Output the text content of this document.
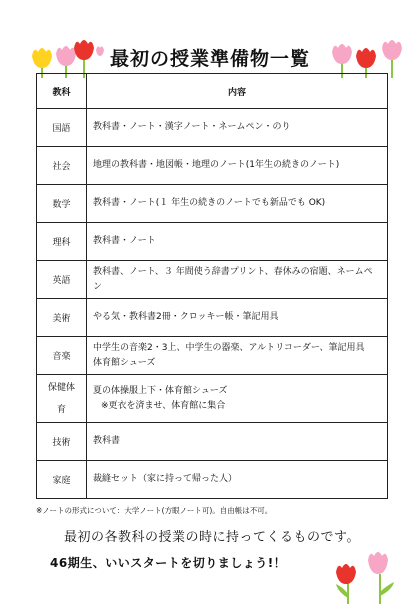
最初の授業準備物一覧
教科	内容
国語	教科書・ノート・漢字ノート・ネームペン・のり

社会	地理の教科書・地図帳・地理のノート(1年生の続きのノート)

数学	教科書・ノート(１ 年生の続きのノートでも新品でも OK)

理科	教科書・ノート

英語	教科書、ノート、３ 年間使う辞書プリント、春休みの宿題、ネームペン

美術	やる気・教科書2冊・クロッキー帳・筆記用具

音楽	中学生の音楽2・3上、中学生の器楽、アルトリコーダー、筆記用具
体育館シューズ

保健体育	夏の体操服上下・体育館シューズ
※更衣を済ませ、体育館に集合

技術	教科書

家庭	裁縫セット（家に持って帰った人）
※ノートの形式について：大学ノート(方眼ノート可)。自由帳は不可。
最初の各教科の授業の時に持ってくるものです。
46期生、いいスタートを切りましょう!！
